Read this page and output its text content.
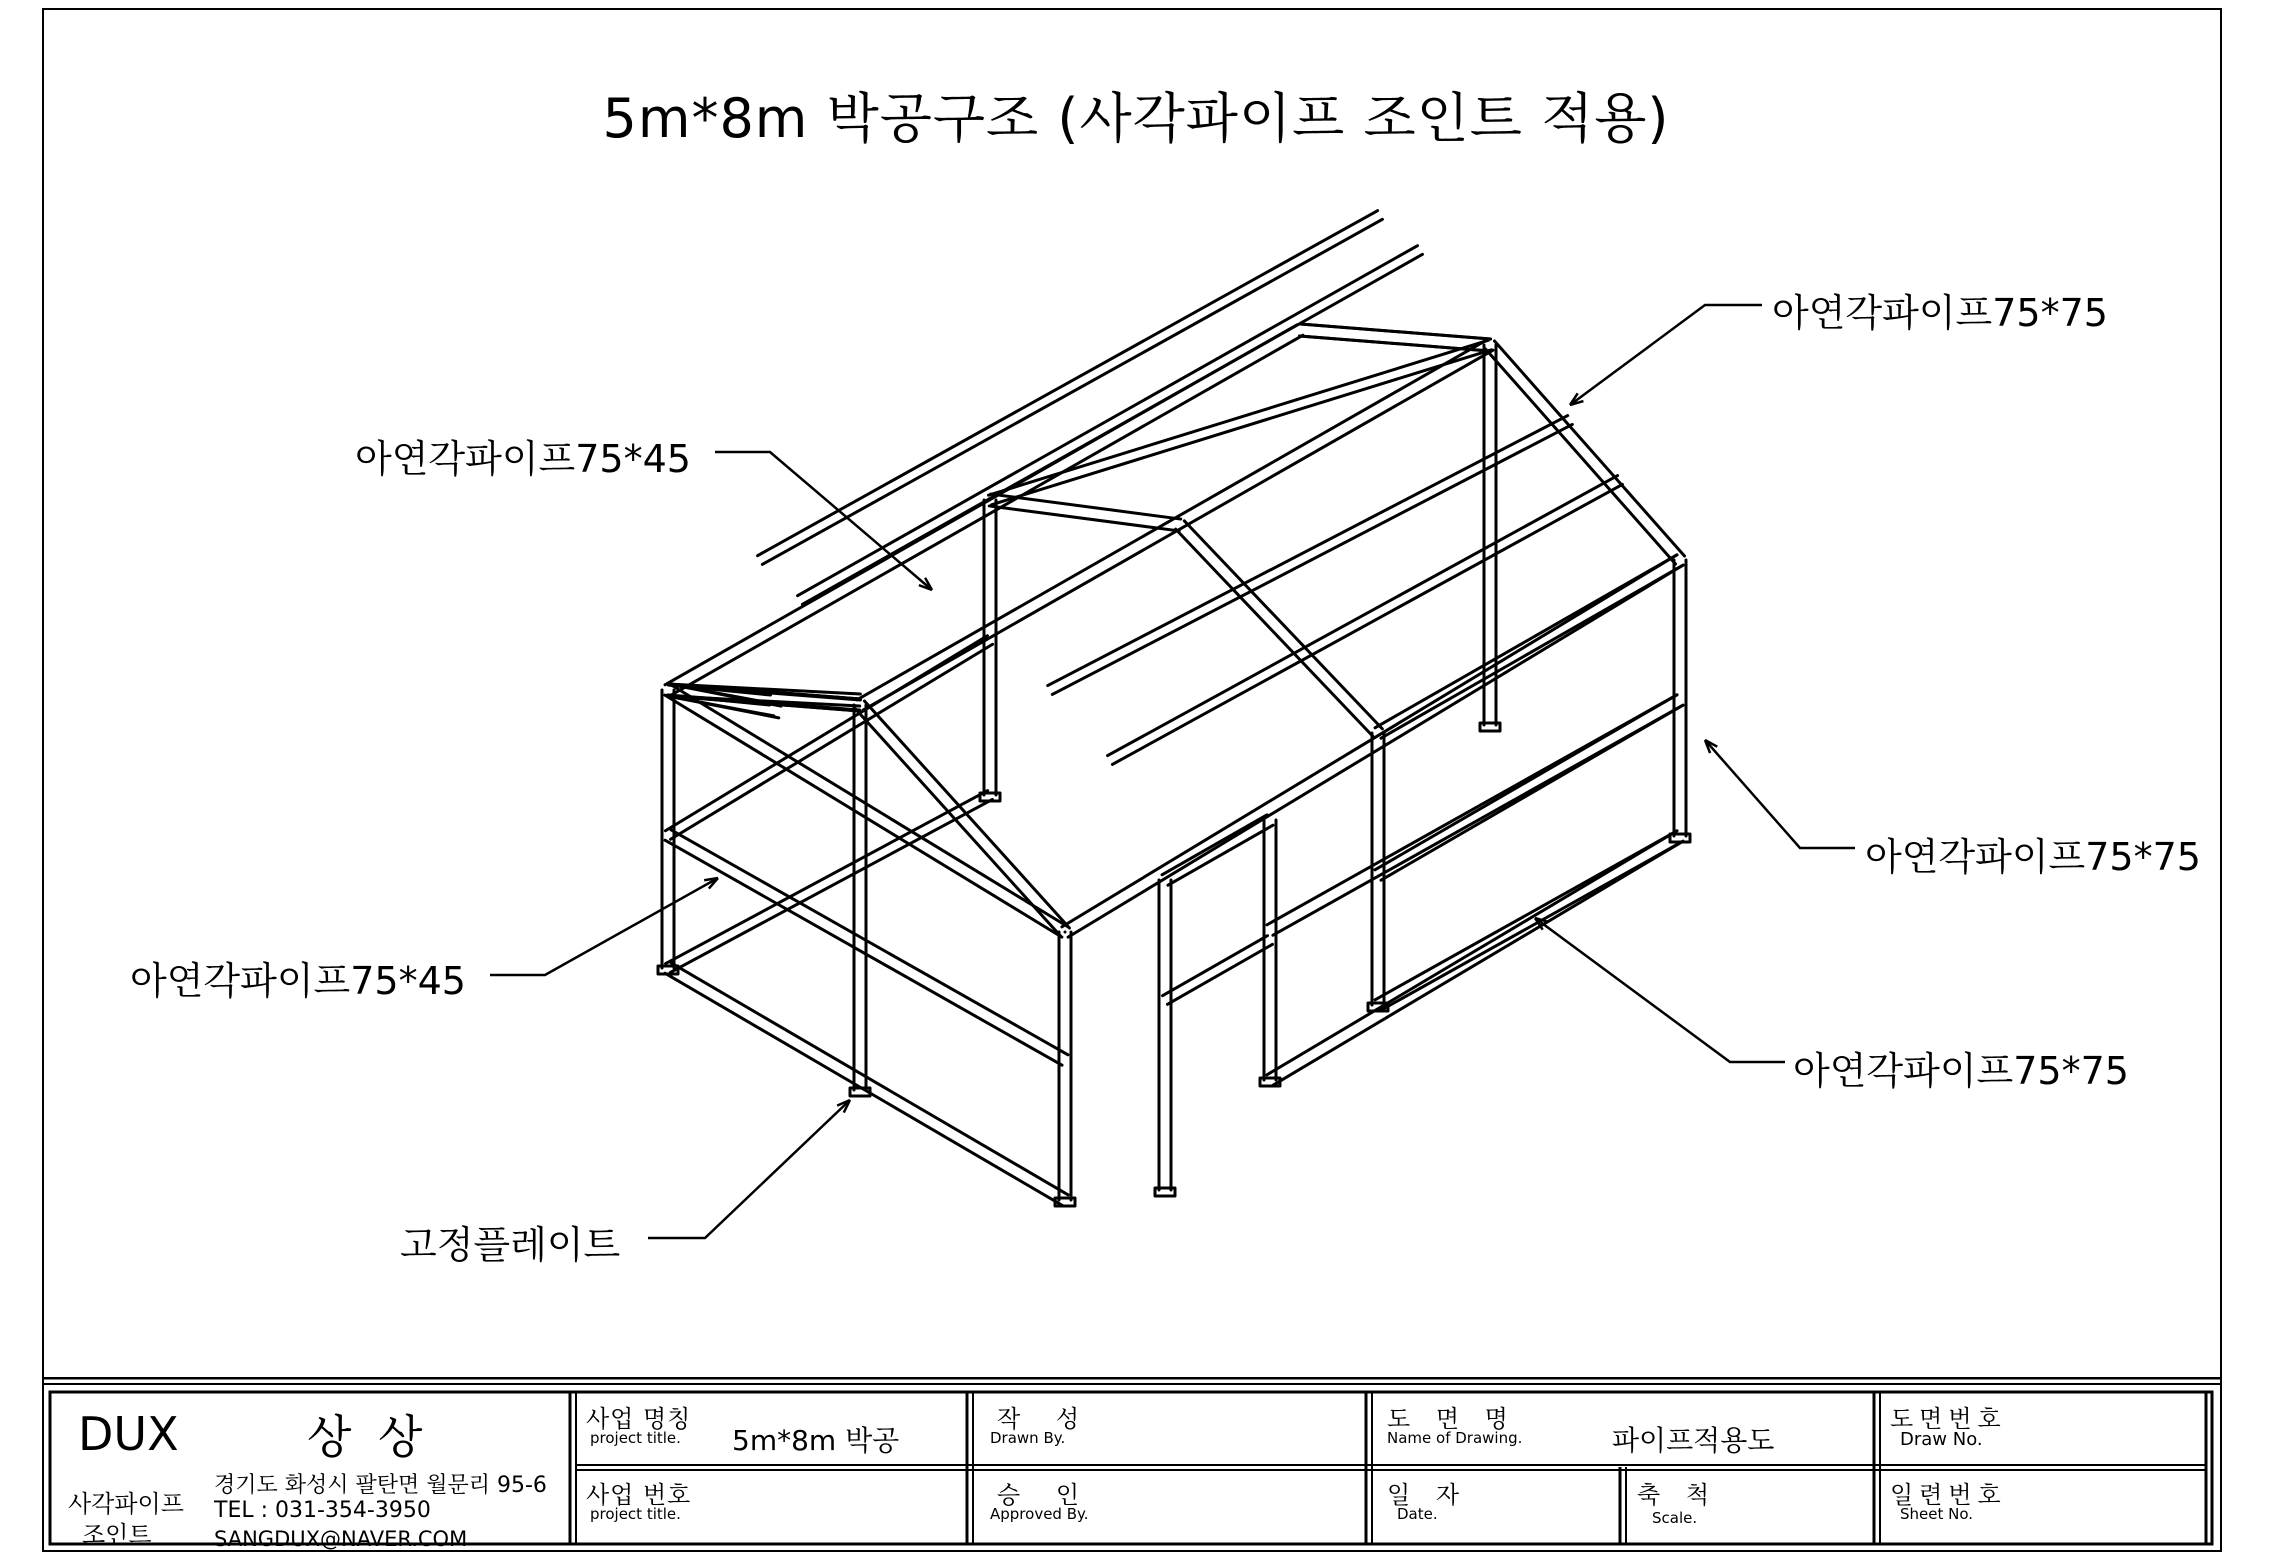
5m*8m 박공구조 (사각파이프 조인트 적용)
아연각파이프75*75
아연각파이프75*45
아연각파이프75*45
아연각파이프75*75
아연각파이프75*75
고정플레이트
DUX	상 상
사각파이프
조인트
경기도 화성시 팔탄면 월문리 95-6
TEL : 031-354-3950
SANGDUX@NAVER.COM
사업 명칭
project title. 5m*8m 박공
사업 번호
project title.
작 성
Drawn By.
승 인
Approved By.
도 면 명
Name of Drawing.	파이프적용도
일 자
Date.
축 척
Scale.
도면번호
Draw No.
일련번호
Sheet No.
